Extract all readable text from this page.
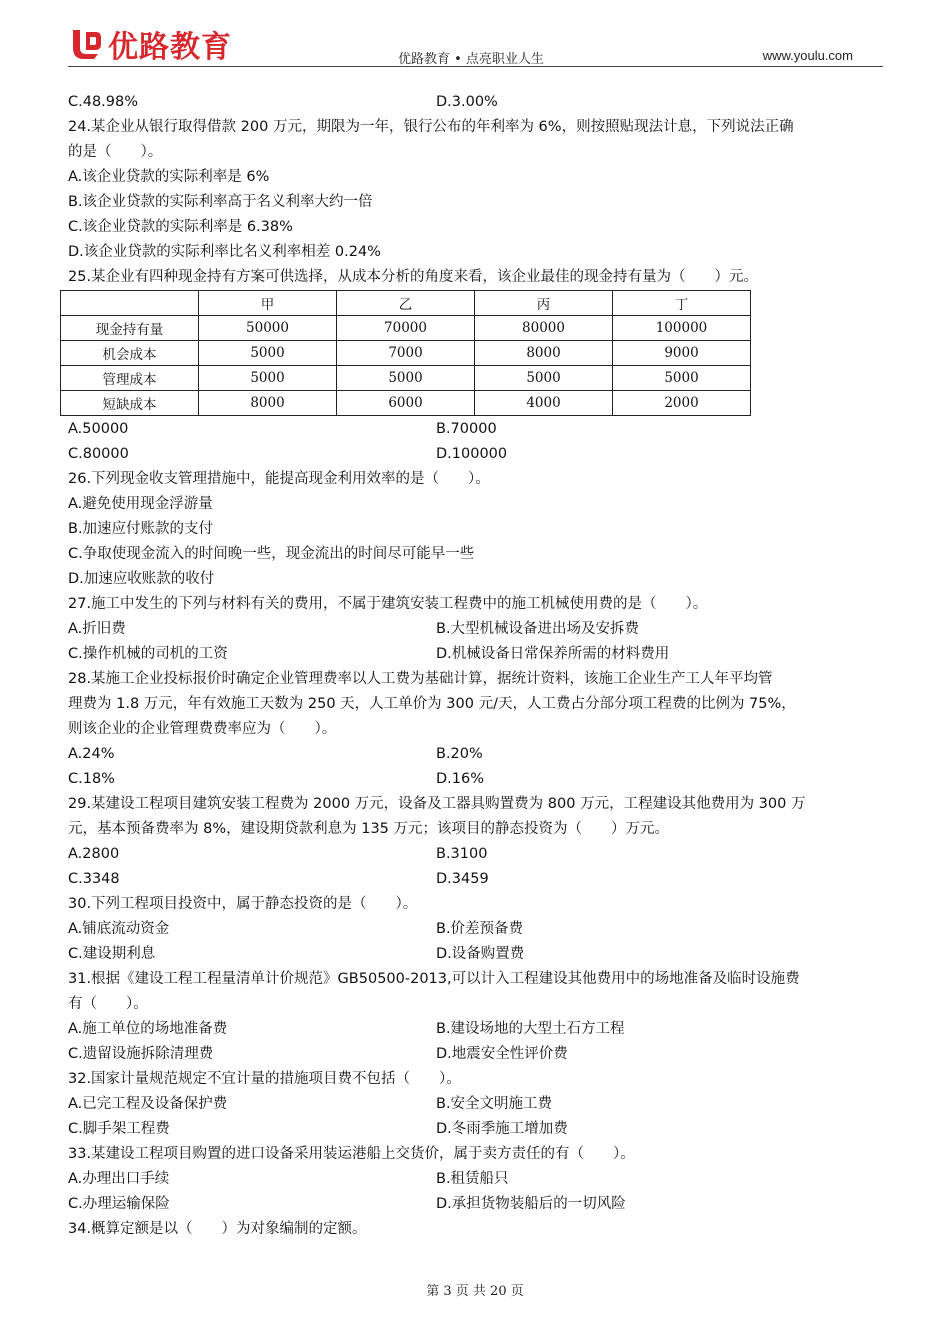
优路教育	优路教育 • 点亮职业人生	www.youlu.com
C.48.98%	D.3.00%
24.某企业从银行取得借款 200 万元，期限为一年，银行公布的年利率为 6%，则按照贴现法计息，下列说法正确
的是（　　）。
A.该企业贷款的实际利率是 6%
B.该企业贷款的实际利率高于名义利率大约一倍
C.该企业贷款的实际利率是 6.38%
D.该企业贷款的实际利率比名义利率相差 0.24%
25.某企业有四种现金持有方案可供选择，从成本分析的角度来看，该企业最佳的现金持有量为（　　）元。
	甲	乙	丙	丁
现金持有量	50000	70000	80000	100000
机会成本	5000	7000	8000	9000
管理成本	5000	5000	5000	5000
短缺成本	8000	6000	4000	2000
A.50000	B.70000
C.80000	D.100000
26.下列现金收支管理措施中，能提高现金利用效率的是（　　）。
A.避免使用现金浮游量
B.加速应付账款的支付
C.争取使现金流入的时间晚一些，现金流出的时间尽可能早一些
D.加速应收账款的收付
27.施工中发生的下列与材料有关的费用，不属于建筑安装工程费中的施工机械使用费的是（　　）。
A.折旧费	B.大型机械设备进出场及安拆费
C.操作机械的司机的工资	D.机械设备日常保养所需的材料费用
28.某施工企业投标报价时确定企业管理费率以人工费为基础计算，据统计资料，该施工企业生产工人年平均管
理费为 1.8 万元，年有效施工天数为 250 天，人工单价为 300 元/天，人工费占分部分项工程费的比例为 75%，
则该企业的企业管理费费率应为（　　）。
A.24%	B.20%
C.18%	D.16%
29.某建设工程项目建筑安装工程费为 2000 万元，设备及工器具购置费为 800 万元，工程建设其他费用为 300 万
元，基本预备费率为 8%，建设期贷款利息为 135 万元；该项目的静态投资为（　　）万元。
A.2800	B.3100
C.3348	D.3459
30.下列工程项目投资中，属于静态投资的是（　　）。
A.铺底流动资金	B.价差预备费
C.建设期利息	D.设备购置费
31.根据《建设工程工程量清单计价规范》GB50500-2013,可以计入工程建设其他费用中的场地准备及临时设施费
有（　　）。
A.施工单位的场地准备费	B.建设场地的大型土石方工程
C.遗留设施拆除清理费	D.地震安全性评价费
32.国家计量规范规定不宜计量的措施项目费不包括（　　）。
A.已完工程及设备保护费	B.安全文明施工费
C.脚手架工程费	D.冬雨季施工增加费
33.某建设工程项目购置的进口设备采用装运港船上交货价，属于卖方责任的有（　　）。
A.办理出口手续	B.租赁船只
C.办理运输保险	D.承担货物装船后的一切风险
34.概算定额是以（　　）为对象编制的定额。
第 3 页 共 20 页
